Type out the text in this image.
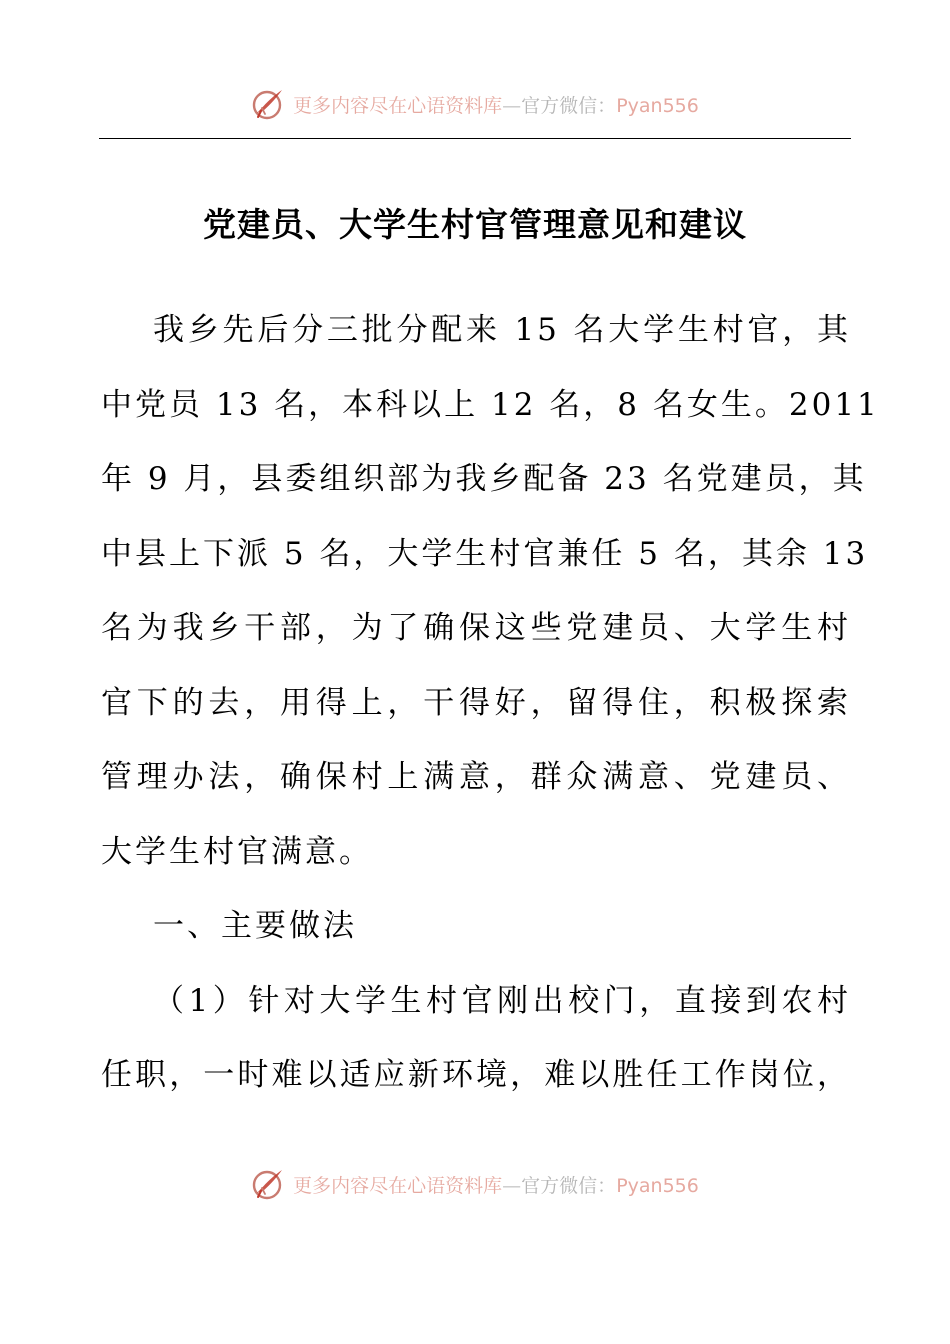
更多内容尽在心语资料库—官方微信：Pyan556
党建员、大学生村官管理意见和建议
我乡先后分三批分配来 15 名大学生村官，其
中党员 13 名，本科以上 12 名，8 名女生。2011
年 9 月，县委组织部为我乡配备 23 名党建员，其
中县上下派 5 名，大学生村官兼任 5 名，其余 13
名为我乡干部，为了确保这些党建员、大学生村
官下的去，用得上，干得好，留得住，积极探索
管理办法，确保村上满意，群众满意、党建员、
大学生村官满意。
一、主要做法
（1）针对大学生村官刚出校门，直接到农村
任职，一时难以适应新环境，难以胜任工作岗位，
更多内容尽在心语资料库—官方微信：Pyan556
